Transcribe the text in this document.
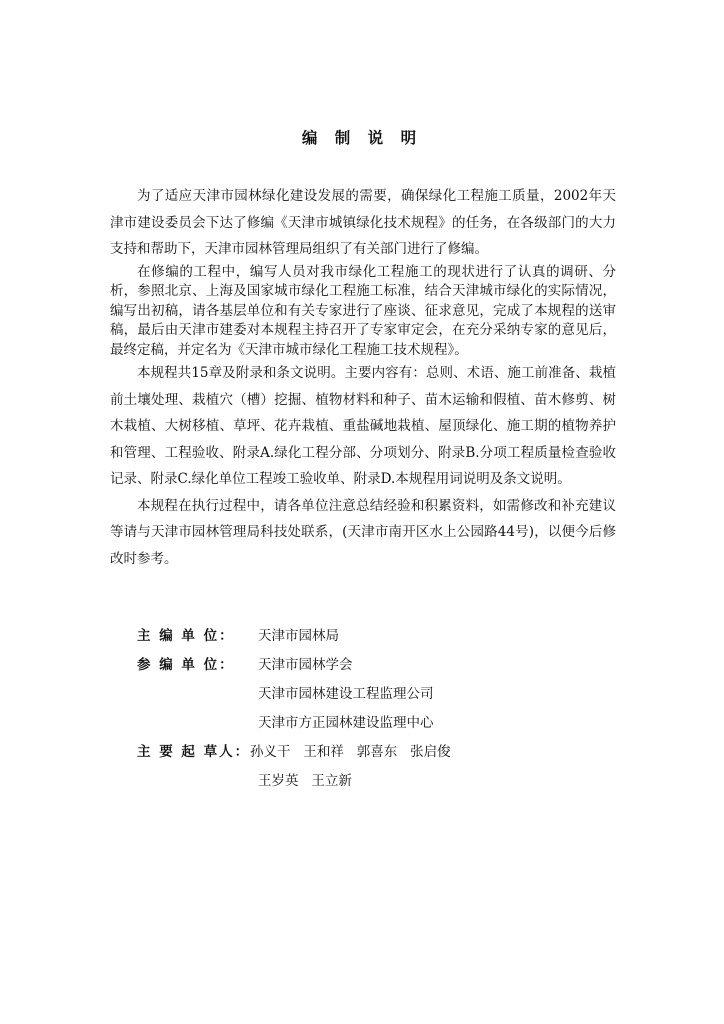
编 制 说 明

为了适应天津市园林绿化建设发展的需要，确保绿化工程施工质量，2002年天津市建设委员会下达了修编《天津市城镇绿化技术规程》的任务，在各级部门的大力支持和帮助下，天津市园林管理局组织了有关部门进行了修编。

在修编的工程中，编写人员对我市绿化工程施工的现状进行了认真的调研、分析，参照北京、上海及国家城市绿化工程施工标准，结合天津城市绿化的实际情况，编写出初稿，请各基层单位和有关专家进行了座谈、征求意见，完成了本规程的送审稿，最后由天津市建委对本规程主持召开了专家审定会，在充分采纳专家的意见后，最终定稿，并定名为《天津市城市绿化工程施工技术规程》。

本规程共15章及附录和条文说明。主要内容有：总则、术语、施工前准备、栽植前土壤处理、栽植穴（槽）挖掘、植物材料和种子、苗木运输和假植、苗木修剪、树木栽植、大树移植、草坪、花卉栽植、重盐碱地栽植、屋顶绿化、施工期的植物养护和管理、工程验收、附录A.绿化工程分部、分项划分、附录B.分项工程质量检查验收记录、附录C.绿化单位工程竣工验收单、附录D.本规程用词说明及条文说明。

本规程在执行过程中，请各单位注意总结经验和积累资料，如需修改和补充建议等请与天津市园林管理局科技处联系，(天津市南开区水上公园路44号)，以便今后修改时参考。

主 编 单 位： 天津市园林局
参 编 单 位： 天津市园林学会
天津市园林建设工程监理公司
天津市方正园林建设监理中心
主 要 起 草人： 孙义干   王和祥   郭喜东   张启俊
王岁英   王立新
